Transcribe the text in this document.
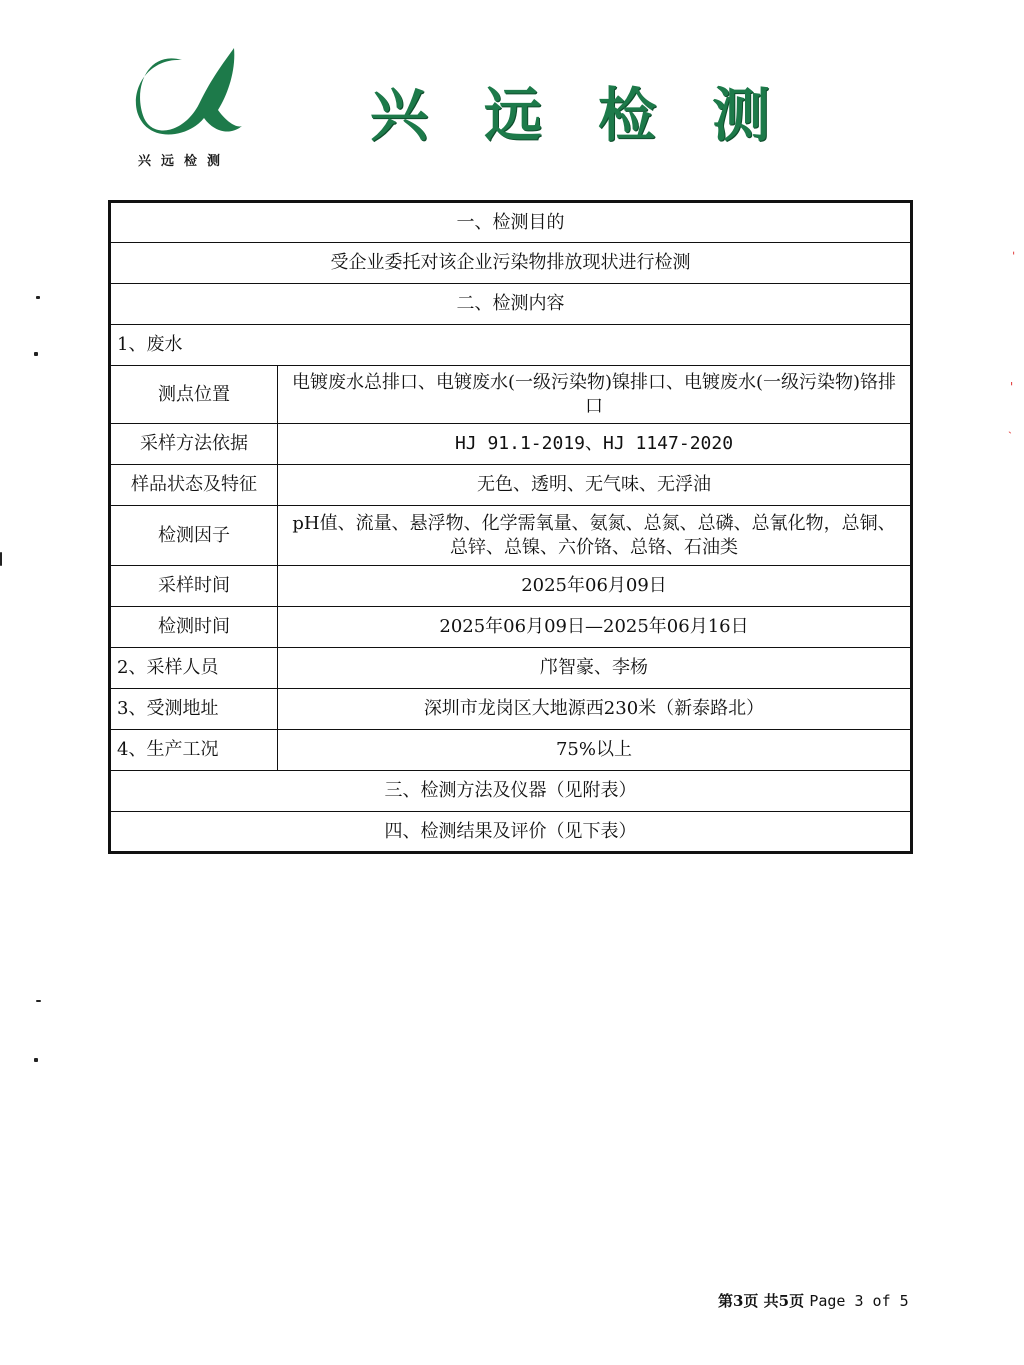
兴远检测
兴远检测
ˈ
ꞌ
ˎ
一、检测目的	
受企业委托对该企业污染物排放现状进行检测	
二、检测内容	
1、废水	
测点位置	电镀废水总排口、电镀废水(一级污染物)镍排口、电镀废水(一级污染物)铬排口
采样方法依据	HJ 91.1-2019、HJ 1147-2020
样品状态及特征	无色、透明、无气味、无浮油
检测因子	pH值、流量、悬浮物、化学需氧量、氨氮、总氮、总磷、总氰化物，总铜、总锌、总镍、六价铬、总铬、石油类
采样时间	2025年06月09日
检测时间	2025年06月09日—2025年06月16日
2、采样人员	邝智豪、李杨
3、受测地址	深圳市龙岗区大地源西230米（新泰路北）
4、生产工况	75%以上
三、检测方法及仪器（见附表）	
四、检测结果及评价（见下表）	
第3页 共5页 Page 3 of 5
